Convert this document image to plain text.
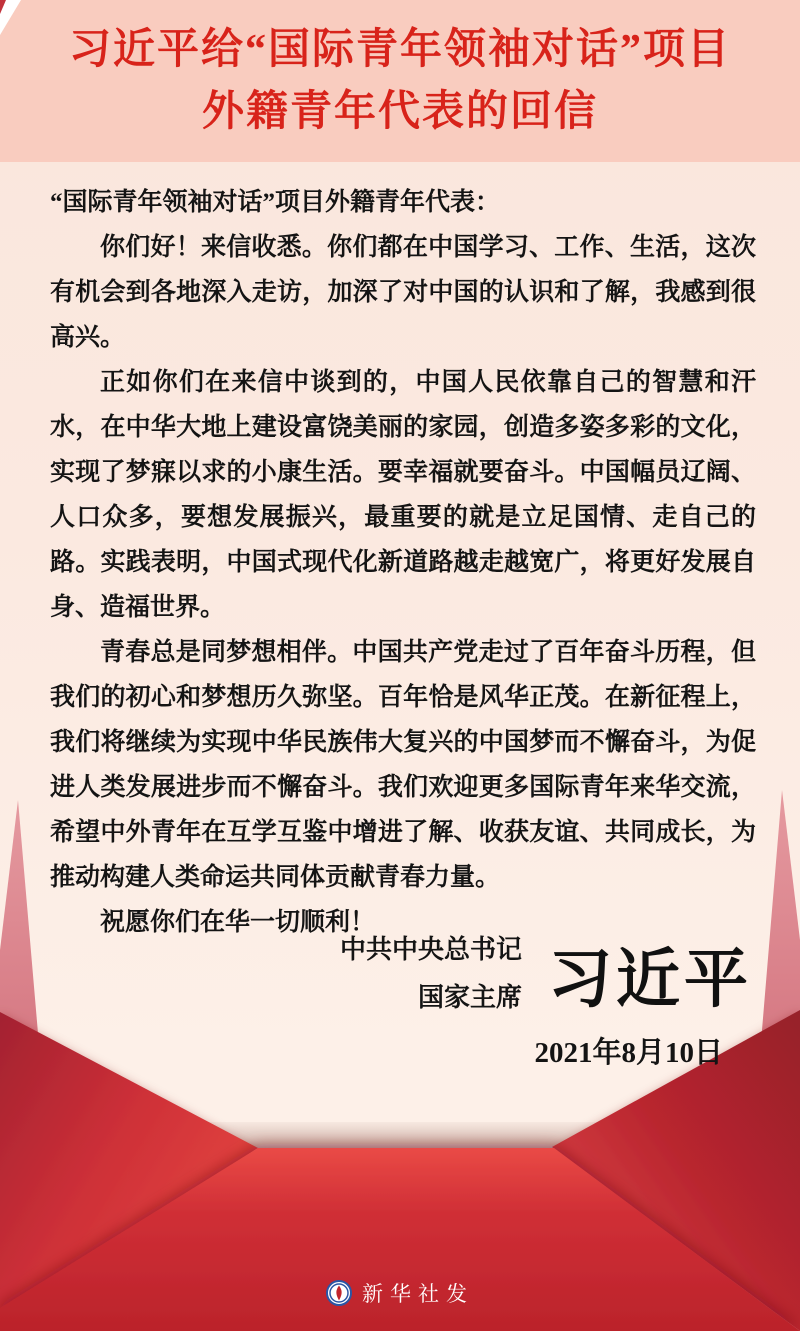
习近平给“国际青年领袖对话”项目
外籍青年代表的回信

“国际青年领袖对话”项目外籍青年代表：

你们好！来信收悉。你们都在中国学习、工作、生活，这次有机会到各地深入走访，加深了对中国的认识和了解，我感到很高兴。

正如你们在来信中谈到的，中国人民依靠自己的智慧和汗水，在中华大地上建设富饶美丽的家园，创造多姿多彩的文化，实现了梦寐以求的小康生活。要幸福就要奋斗。中国幅员辽阔、人口众多，要想发展振兴，最重要的就是立足国情、走自己的路。实践表明，中国式现代化新道路越走越宽广，将更好发展自身、造福世界。

青春总是同梦想相伴。中国共产党走过了百年奋斗历程，但我们的初心和梦想历久弥坚。百年恰是风华正茂。在新征程上，我们将继续为实现中华民族伟大复兴的中国梦而不懈奋斗，为促进人类发展进步而不懈奋斗。我们欢迎更多国际青年来华交流，希望中外青年在互学互鉴中增进了解、收获友谊、共同成长，为推动构建人类命运共同体贡献青春力量。

祝愿你们在华一切顺利！

中共中央总书记
国家主席 习近平
2021年8月10日
新华社发
